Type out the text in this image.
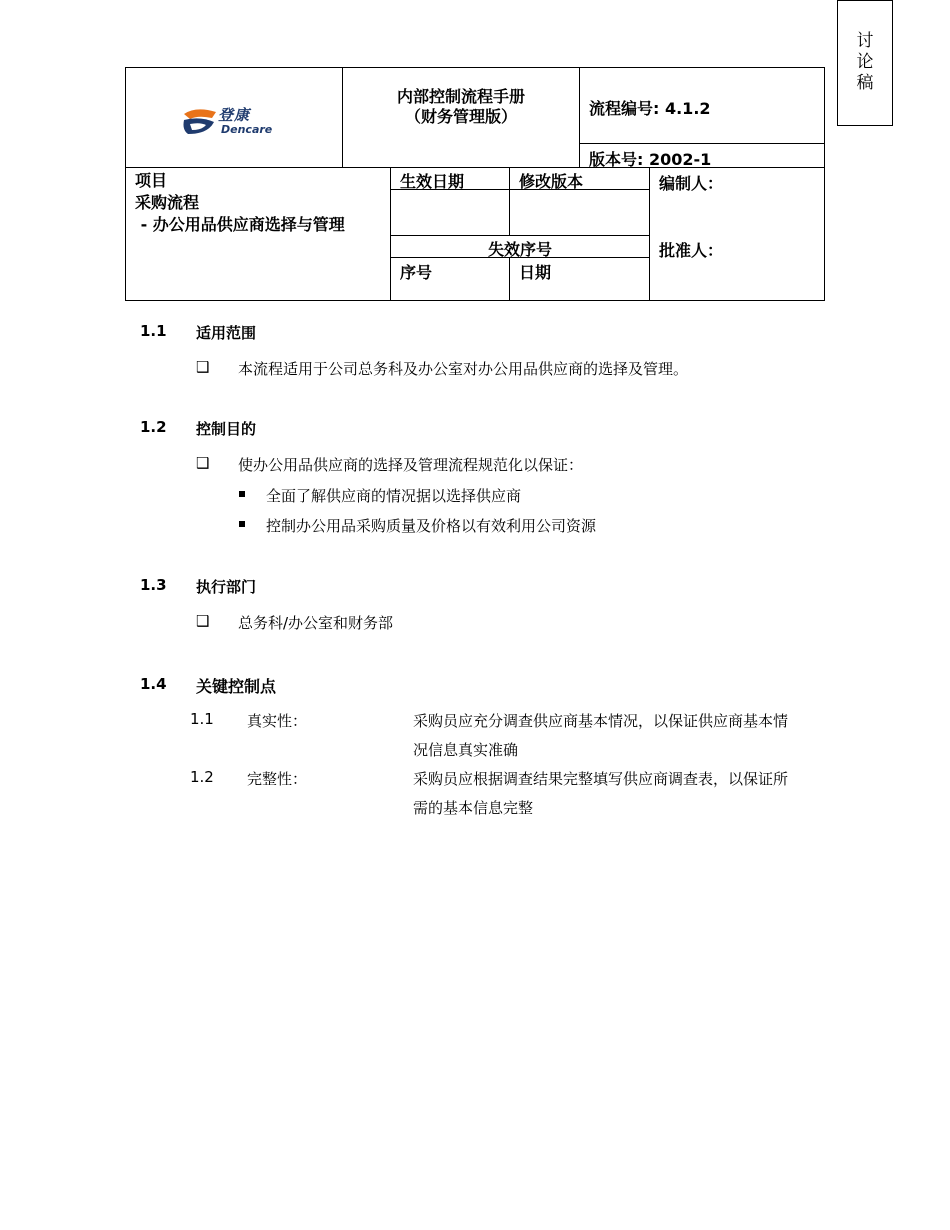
讨
论
稿
登康
Dencare
内部控制流程手册
（财务管理版）	流程编号: 4.1.2
版本号: 2002-1
项目
采购流程
- 办公用品供应商选择与管理
生效日期	修改版本
失效序号
序号	日期
编制人：
批准人：
1.1 适用范围
❑ 本流程适用于公司总务科及办公室对办公用品供应商的选择及管理。
1.2 控制目的
❑ 使办公用品供应商的选择及管理流程规范化以保证：
全面了解供应商的情况据以选择供应商
控制办公用品采购质量及价格以有效利用公司资源
1.3 执行部门
❑ 总务科/办公室和财务部
1.4 关键控制点
1.1 真实性：	采购员应充分调查供应商基本情况，以保证供应商基本情
况信息真实准确
1.2 完整性：	采购员应根据调查结果完整填写供应商调查表，以保证所
需的基本信息完整
